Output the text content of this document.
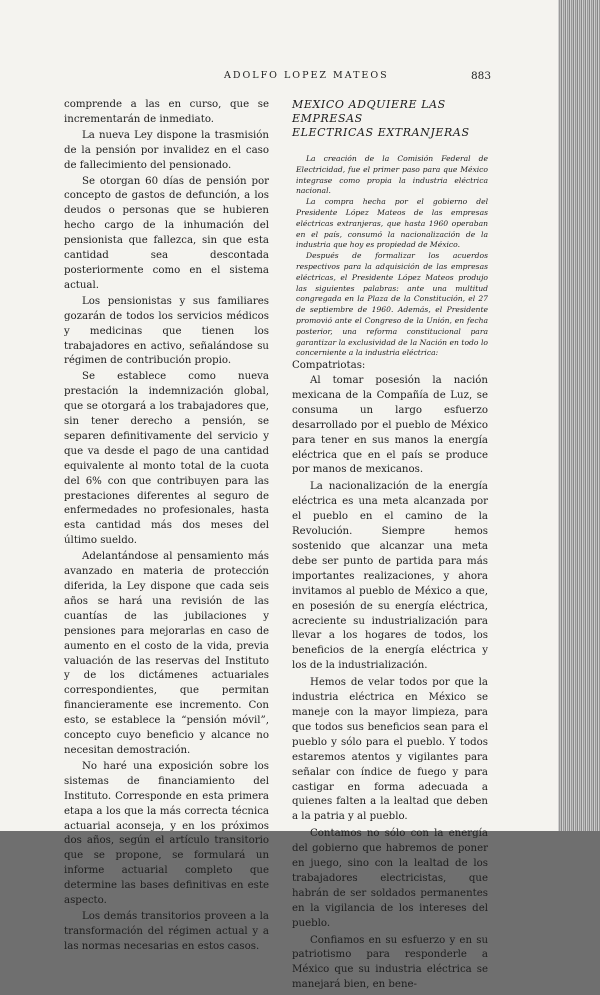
ADOLFO LOPEZ MATEOS	883

comprende a las en curso, que se incrementarán de inmediato.

La nueva Ley dispone la trasmisión de la pensión por invalidez en el caso de fallecimiento del pensionado.

Se otorgan 60 días de pensión por concepto de gastos de defunción, a los deudos o personas que se hubieren hecho cargo de la inhumación del pensionista que fallezca, sin que esta cantidad sea descontada posteriormente como en el sistema actual.

Los pensionistas y sus familiares gozarán de todos los servicios médicos y medicinas que tienen los trabajadores en activo, señalándose su régimen de contribución propio.

Se establece como nueva prestación la indemnización global, que se otorgará a los trabajadores que, sin tener derecho a pensión, se separen definitivamente del servicio y que va desde el pago de una cantidad equivalente al monto total de la cuota del 6% con que contribuyen para las prestaciones diferentes al seguro de enfermedades no profesionales, hasta esta cantidad más dos meses del último sueldo.

Adelantándose al pensamiento más avanzado en materia de protección diferida, la Ley dispone que cada seis años se hará una revisión de las cuantías de las jubilaciones y pensiones para mejorarlas en caso de aumento en el costo de la vida, previa valuación de las reservas del Instituto y de los dictámenes actuariales correspondientes, que permitan financieramente ese incremento. Con esto, se establece la “pensión móvil”, concepto cuyo beneficio y alcance no necesitan demostración.

No haré una exposición sobre los sistemas de financiamiento del Instituto. Corresponde en esta primera etapa a los que la más correcta técnica actuarial aconseja, y en los próximos dos años, según el artículo transitorio que se propone, se formulará un informe actuarial completo que determine las bases definitivas en este aspecto.

Los demás transitorios proveen a la transformación del régimen actual y a las normas necesarias en estos casos.

MEXICO ADQUIERE LAS EMPRESAS
ELECTRICAS EXTRANJERAS

La creación de la Comisión Federal de Electricidad, fue el primer paso para que México integrase como propia la industria eléctrica nacional.

La compra hecha por el gobierno del Presidente López Mateos de las empresas eléctricas extranjeras, que hasta 1960 operaban en el país, consumó la nacionalización de la industria que hoy es propiedad de México.

Después de formalizar los acuerdos respectivos para la adquisición de las empresas eléctricas, el Presidente López Mateos produjo las siguientes palabras: ante una multitud congregada en la Plaza de la Constitución, el 27 de septiembre de 1960. Además, el Presidente promovió ante el Congreso de la Unión, en fecha posterior, una reforma constitucional para garantizar la exclusividad de la Nación en todo lo concerniente a la industria eléctrica:

Compatriotas:

Al tomar posesión la nación mexicana de la Compañía de Luz, se consuma un largo esfuerzo desarrollado por el pueblo de México para tener en sus manos la energía eléctrica que en el país se produce por manos de mexicanos.

La nacionalización de la energía eléctrica es una meta alcanzada por el pueblo en el camino de la Revolución. Siempre hemos sostenido que alcanzar una meta debe ser punto de partida para más importantes realizaciones, y ahora invitamos al pueblo de México a que, en posesión de su energía eléctrica, acreciente su industrialización para llevar a los hogares de todos, los beneficios de la energía eléctrica y los de la industrialización.

Hemos de velar todos por que la industria eléctrica en México se maneje con la mayor limpieza, para que todos sus beneficios sean para el pueblo y sólo para el pueblo. Y todos estaremos atentos y vigilantes para señalar con índice de fuego y para castigar en forma adecuada a quienes falten a la lealtad que deben a la patria y al pueblo.

Contamos no sólo con la energía del gobierno que habremos de poner en juego, sino con la lealtad de los trabajadores electricistas, que habrán de ser soldados permanentes en la vigilancia de los intereses del pueblo.

Confiamos en su esfuerzo y en su patriotismo para responderle a México que su industria eléctrica se manejará bien, en bene-
